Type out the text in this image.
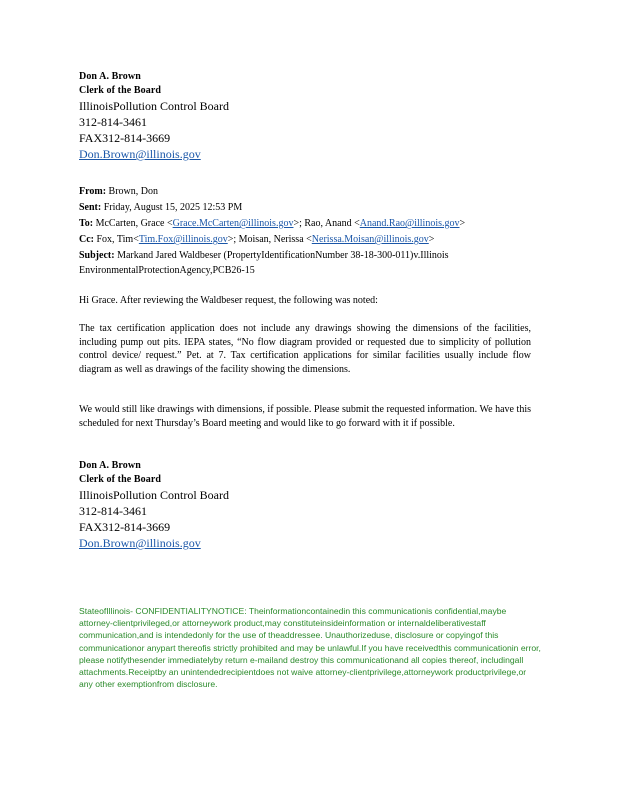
Don A. Brown
Clerk of the Board
IllinoisPollution Control Board
312-814-3461
FAX312-814-3669
Don.Brown@illinois.gov
From: Brown, Don
Sent: Friday, August 15, 2025 12:53 PM
To: McCarten, Grace <Grace.McCarten@illinois.gov>; Rao, Anand <Anand.Rao@illinois.gov>
Cc: Fox, Tim<Tim.Fox@illinois.gov>; Moisan, Nerissa <Nerissa.Moisan@illinois.gov>
Subject: Markand Jared Waldbeser (PropertyIdentificationNumber 38-18-300-011)v.Illinois EnvironmentalProtectionAgency,PCB26-15
Hi Grace. After reviewing the Waldbeser request, the following was noted:
The tax certification application does not include any drawings showing the dimensions of the facilities, including pump out pits. IEPA states, “No flow diagram provided or requested due to simplicity of pollution control device/ request.” Pet. at 7. Tax certification applications for similar facilities usually include flow diagram as well as drawings of the facility showing the dimensions.
We would still like drawings with dimensions, if possible. Please submit the requested information. We have this scheduled for next Thursday’s Board meeting and would like to go forward with it if possible.
Don A. Brown
Clerk of the Board
IllinoisPollution Control Board
312-814-3461
FAX312-814-3669
Don.Brown@illinois.gov
StateofIllinois- CONFIDENTIALITYNOTICE: Theinformationcontainedin this communicationis confidential,maybe attorney-clientprivileged,or attorneywork product,may constituteinsideinformation or internaldeliberativestaff communication,and is intendedonly for the use of theaddressee. Unauthorizeduse, disclosure or copyingof this communicationor anypart thereofis strictly prohibited and may be unlawful.If you have receivedthis communicationin error, please notifythesender immediatelyby return e-mailand destroy this communicationand all copies thereof, includingall attachments.Receiptby an unintendedrecipientdoes not waive attorney-clientprivilege,attorneywork productprivilege,or any other exemptionfrom disclosure.
